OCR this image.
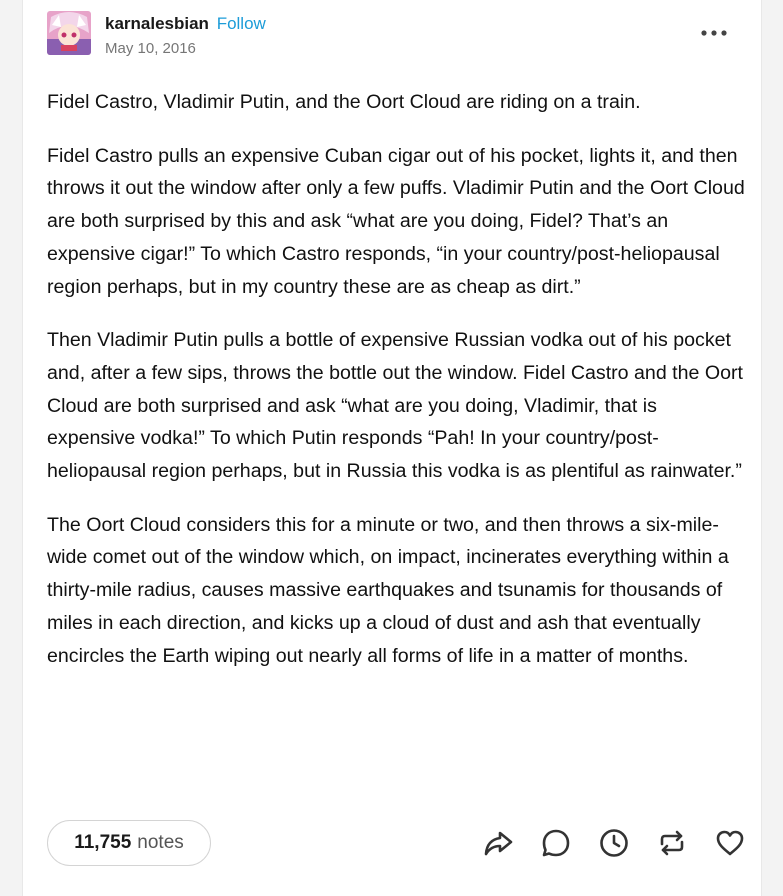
karnalesbian Follow
May 10, 2016

Fidel Castro, Vladimir Putin, and the Oort Cloud are riding on a train.

Fidel Castro pulls an expensive Cuban cigar out of his pocket, lights it, and then throws it out the window after only a few puffs. Vladimir Putin and the Oort Cloud are both surprised by this and ask “what are you doing, Fidel? That’s an expensive cigar!” To which Castro responds, “in your country/post-heliopausal region perhaps, but in my country these are as cheap as dirt.”

Then Vladimir Putin pulls a bottle of expensive Russian vodka out of his pocket and, after a few sips, throws the bottle out the window. Fidel Castro and the Oort Cloud are both surprised and ask “what are you doing, Vladimir, that is expensive vodka!” To which Putin responds “Pah! In your country/post-heliopausal region perhaps, but in Russia this vodka is as plentiful as rainwater.”

The Oort Cloud considers this for a minute or two, and then throws a six-mile-wide comet out of the window which, on impact, incinerates everything within a thirty-mile radius, causes massive earthquakes and tsunamis for thousands of miles in each direction, and kicks up a cloud of dust and ash that eventually encircles the Earth wiping out nearly all forms of life in a matter of months.

11,755 notes
